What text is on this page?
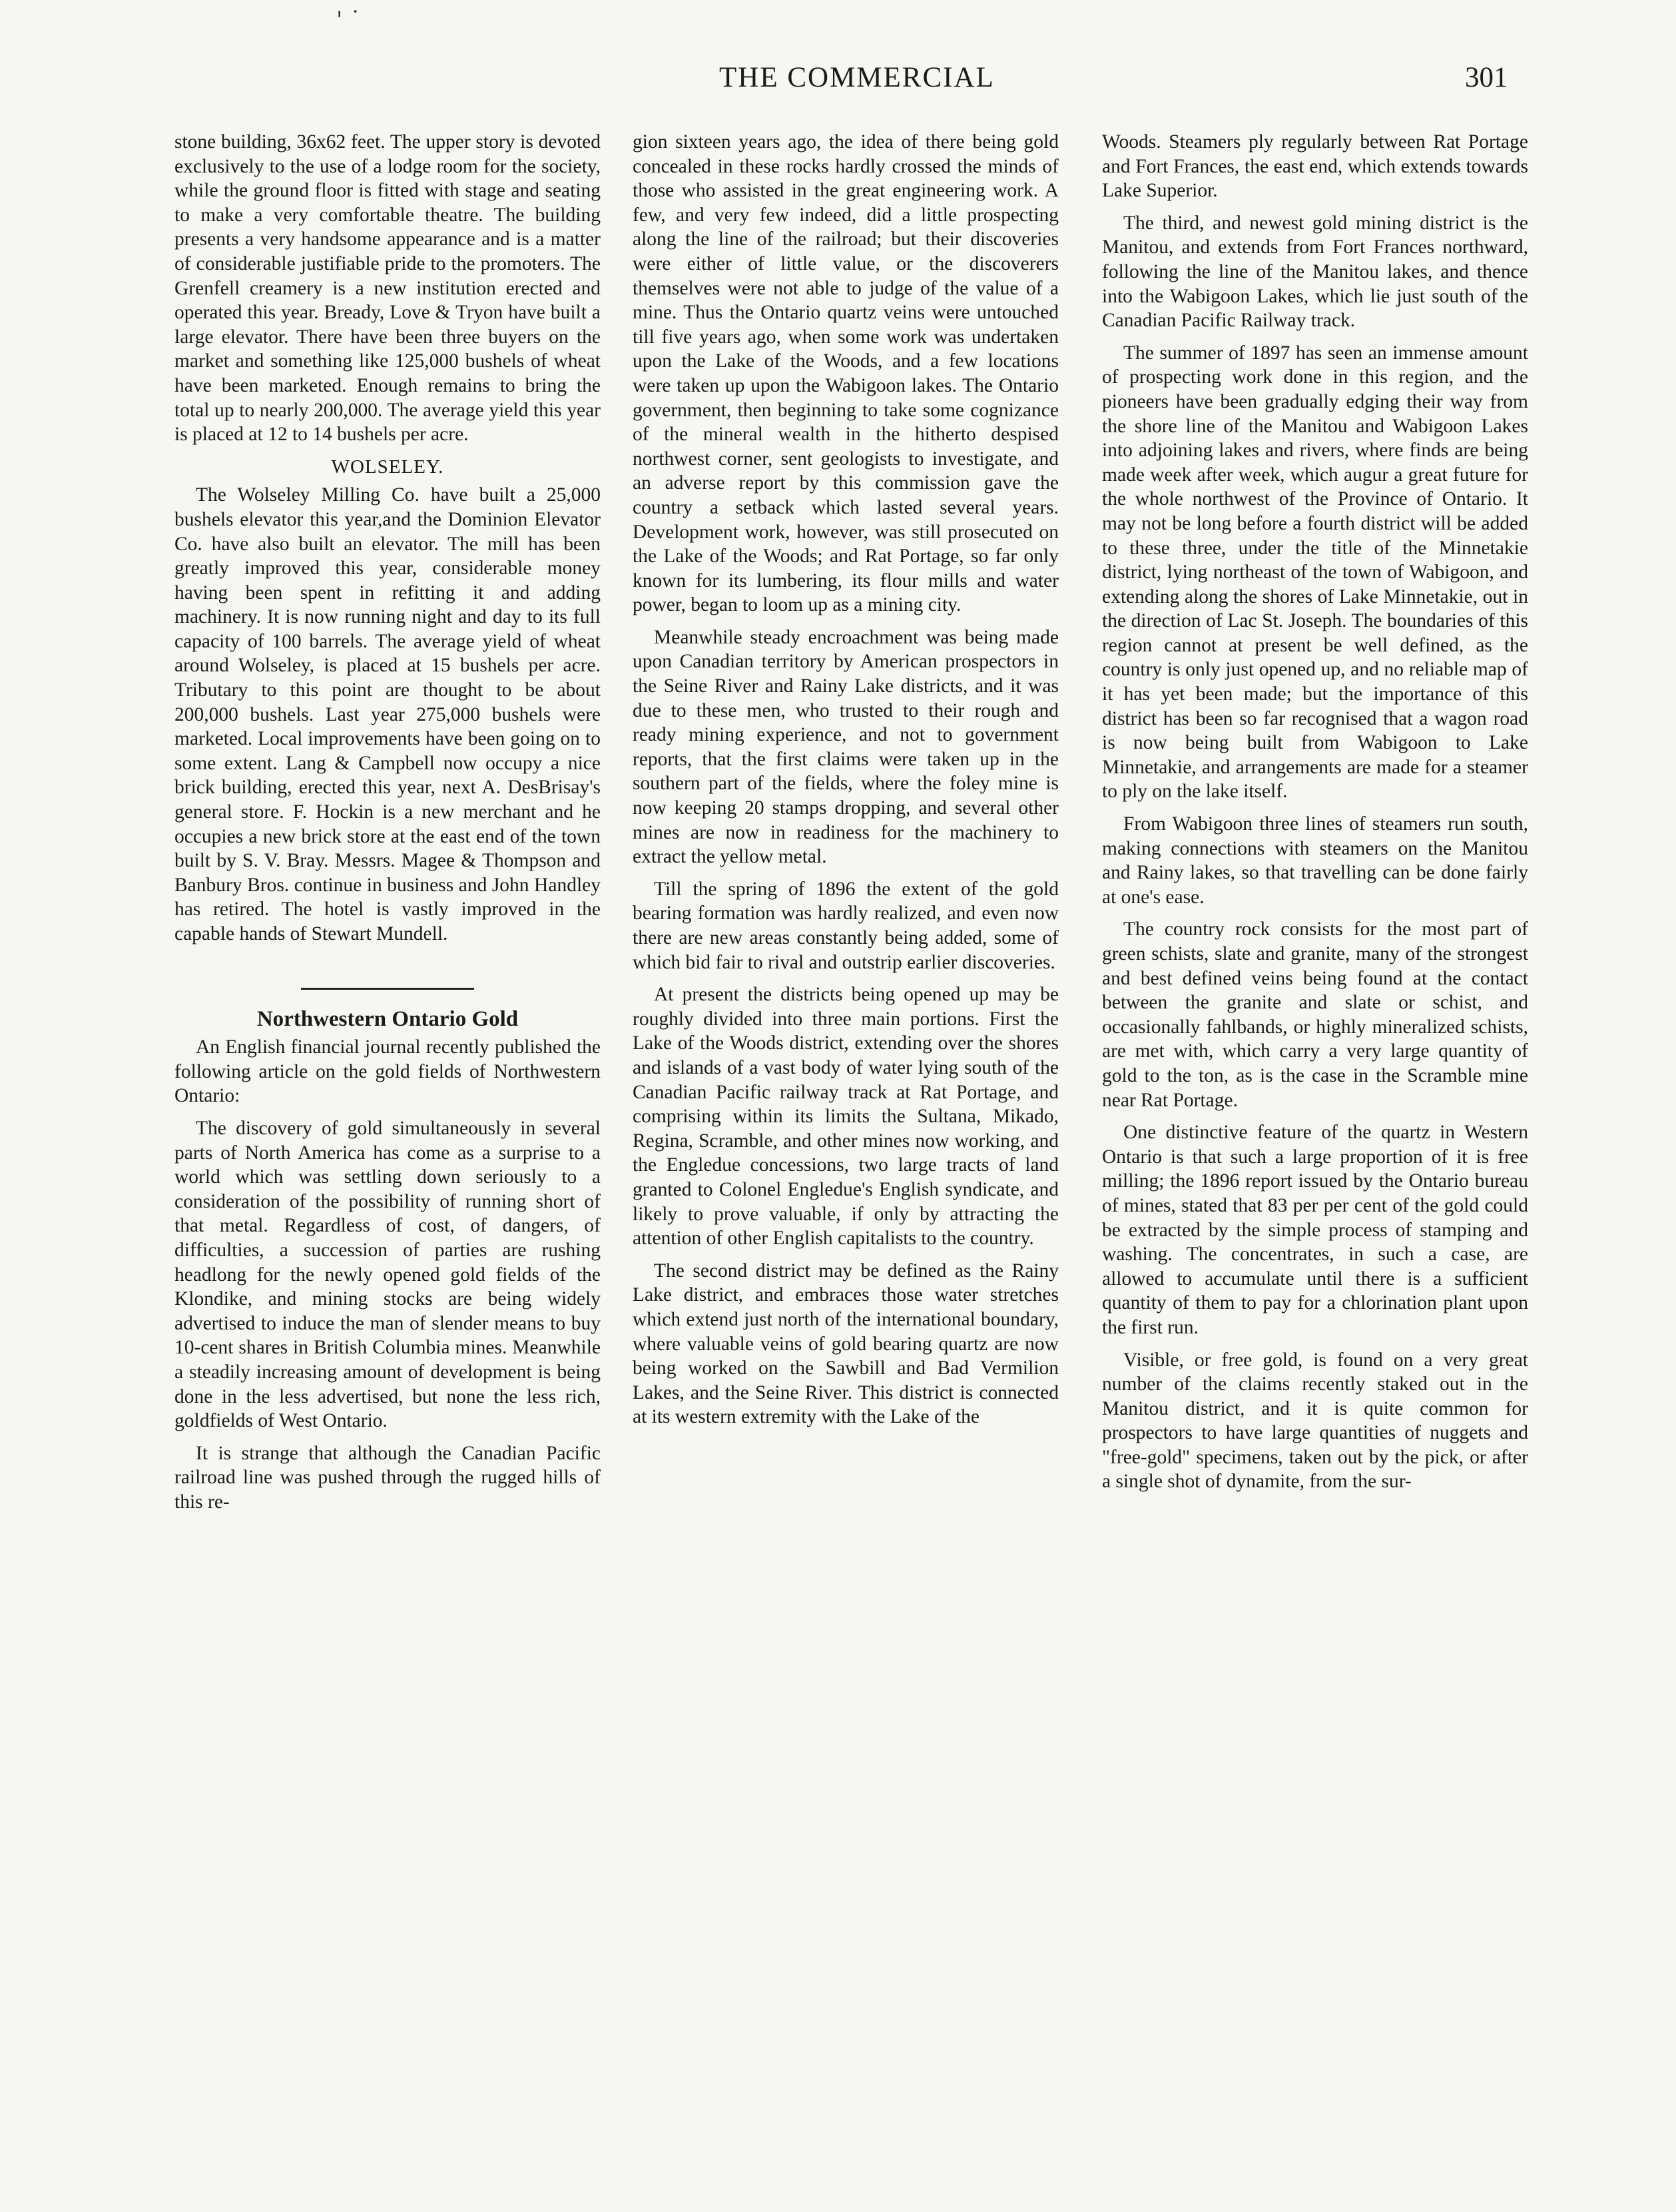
' ˙
THE COMMERCIAL	301

stone building, 36x62 feet. The upper story is devoted exclusively to the use of a lodge room for the society, while the ground floor is fitted with stage and seating to make a very comfortable theatre. The building presents a very handsome appearance and is a matter of considerable justifiable pride to the promoters. The Grenfell creamery is a new institution erected and operated this year. Bready, Love & Tryon have built a large elevator. There have been three buyers on the market and something like 125,000 bushels of wheat have been marketed. Enough remains to bring the total up to nearly 200,000. The average yield this year is placed at 12 to 14 bushels per acre.

WOLSELEY.

The Wolseley Milling Co. have built a 25,000 bushels elevator this year,and the Dominion Elevator Co. have also built an elevator. The mill has been greatly improved this year, considerable money having been spent in refitting it and adding machinery. It is now running night and day to its full capacity of 100 barrels. The average yield of wheat around Wolseley, is placed at 15 bushels per acre. Tributary to this point are thought to be about 200,000 bushels. Last year 275,000 bushels were marketed. Local improvements have been going on to some extent. Lang & Campbell now occupy a nice brick building, erected this year, next A. DesBrisay's general store. F. Hockin is a new merchant and he occupies a new brick store at the east end of the town built by S. V. Bray. Messrs. Magee & Thompson and Banbury Bros. continue in business and John Handley has retired. The hotel is vastly improved in the capable hands of Stewart Mundell.

Northwestern Ontario Gold

An English financial journal recently published the following article on the gold fields of Northwestern Ontario:

The discovery of gold simultaneously in several parts of North America has come as a surprise to a world which was settling down seriously to a consideration of the possibility of running short of that metal. Regardless of cost, of dangers, of difficulties, a succession of parties are rushing headlong for the newly opened gold fields of the Klondike, and mining stocks are being widely advertised to induce the man of slender means to buy 10-cent shares in British Columbia mines. Meanwhile a steadily increasing amount of development is being done in the less advertised, but none the less rich, goldfields of West Ontario.

It is strange that although the Canadian Pacific railroad line was pushed through the rugged hills of this re-

gion sixteen years ago, the idea of there being gold concealed in these rocks hardly crossed the minds of those who assisted in the great engineering work. A few, and very few indeed, did a little prospecting along the line of the railroad; but their discoveries were either of little value, or the discoverers themselves were not able to judge of the value of a mine. Thus the Ontario quartz veins were untouched till five years ago, when some work was undertaken upon the Lake of the Woods, and a few locations were taken up upon the Wabigoon lakes. The Ontario government, then beginning to take some cognizance of the mineral wealth in the hitherto despised northwest corner, sent geologists to investigate, and an adverse report by this commission gave the country a setback which lasted several years. Development work, however, was still prosecuted on the Lake of the Woods; and Rat Portage, so far only known for its lumbering, its flour mills and water power, began to loom up as a mining city.

Meanwhile steady encroachment was being made upon Canadian territory by American prospectors in the Seine River and Rainy Lake districts, and it was due to these men, who trusted to their rough and ready mining experience, and not to government reports, that the first claims were taken up in the southern part of the fields, where the foley mine is now keeping 20 stamps dropping, and several other mines are now in readiness for the machinery to extract the yellow metal.

Till the spring of 1896 the extent of the gold bearing formation was hardly realized, and even now there are new areas constantly being added, some of which bid fair to rival and outstrip earlier discoveries.

At present the districts being opened up may be roughly divided into three main portions. First the Lake of the Woods district, extending over the shores and islands of a vast body of water lying south of the Canadian Pacific railway track at Rat Portage, and comprising within its limits the Sultana, Mikado, Regina, Scramble, and other mines now working, and the Engledue concessions, two large tracts of land granted to Colonel Engledue's English syndicate, and likely to prove valuable, if only by attracting the attention of other English capitalists to the country.

The second district may be defined as the Rainy Lake district, and embraces those water stretches which extend just north of the international boundary, where valuable veins of gold bearing quartz are now being worked on the Sawbill and Bad Vermilion Lakes, and the Seine River. This district is connected at its western extremity with the Lake of the

Woods. Steamers ply regularly between Rat Portage and Fort Frances, the east end, which extends towards Lake Superior.

The third, and newest gold mining district is the Manitou, and extends from Fort Frances northward, following the line of the Manitou lakes, and thence into the Wabigoon Lakes, which lie just south of the Canadian Pacific Railway track.

The summer of 1897 has seen an immense amount of prospecting work done in this region, and the pioneers have been gradually edging their way from the shore line of the Manitou and Wabigoon Lakes into adjoining lakes and rivers, where finds are being made week after week, which augur a great future for the whole northwest of the Province of Ontario. It may not be long before a fourth district will be added to these three, under the title of the Minnetakie district, lying northeast of the town of Wabigoon, and extending along the shores of Lake Minnetakie, out in the direction of Lac St. Joseph. The boundaries of this region cannot at present be well defined, as the country is only just opened up, and no reliable map of it has yet been made; but the importance of this district has been so far recognised that a wagon road is now being built from Wabigoon to Lake Minnetakie, and arrangements are made for a steamer to ply on the lake itself.

From Wabigoon three lines of steamers run south, making connections with steamers on the Manitou and Rainy lakes, so that travelling can be done fairly at one's ease.

The country rock consists for the most part of green schists, slate and granite, many of the strongest and best defined veins being found at the contact between the granite and slate or schist, and occasionally fahlbands, or highly mineralized schists, are met with, which carry a very large quantity of gold to the ton, as is the case in the Scramble mine near Rat Portage.

One distinctive feature of the quartz in Western Ontario is that such a large proportion of it is free milling; the 1896 report issued by the Ontario bureau of mines, stated that 83 per per cent of the gold could be extracted by the simple process of stamping and washing. The concentrates, in such a case, are allowed to accumulate until there is a sufficient quantity of them to pay for a chlorination plant upon the first run.

Visible, or free gold, is found on a very great number of the claims recently staked out in the Manitou district, and it is quite common for prospectors to have large quantities of nuggets and "free-gold" specimens, taken out by the pick, or after a single shot of dynamite, from the sur-
